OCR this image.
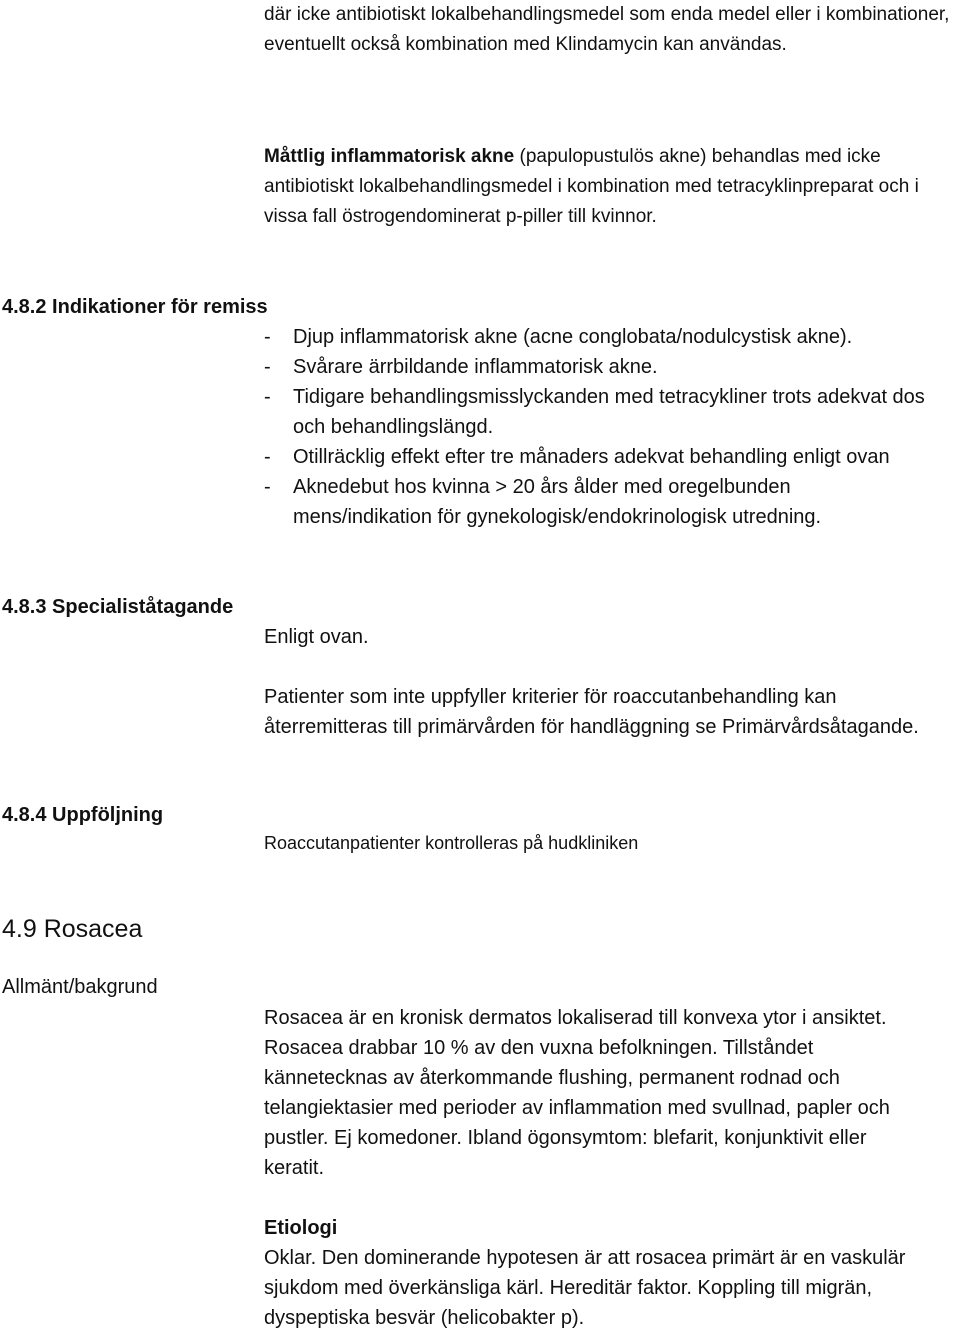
där icke antibiotiskt lokalbehandlingsmedel som enda medel eller i kombinationer, eventuellt också kombination med Klindamycin kan användas.

Måttlig inflammatorisk akne (papulopustulös akne) behandlas med icke antibiotiskt lokalbehandlingsmedel i kombination med tetracyklinpreparat och i vissa fall östrogendominerat p-piller till kvinnor.

4.8.2 Indikationer för remiss
- Djup inflammatorisk akne (acne conglobata/nodulcystisk akne).
- Svårare ärrbildande inflammatorisk akne.
- Tidigare behandlingsmisslyckanden med tetracykliner trots adekvat dos och behandlingslängd.
- Otillräcklig effekt efter tre månaders adekvat behandling enligt ovan
- Aknedebut hos kvinna > 20 års ålder med oregelbunden mens/indikation för gynekologisk/endokrinologisk utredning.
4.8.3 Specialiståtagande

Enligt ovan.

Patienter som inte uppfyller kriterier för roaccutanbehandling kan återremitteras till primärvården för handläggning se Primärvårdsåtagande.

4.8.4 Uppföljning

Roaccutanpatienter kontrolleras på hudkliniken

4.9 Rosacea
Allmänt/bakgrund

Rosacea är en kronisk dermatos lokaliserad till konvexa ytor i ansiktet. Rosacea drabbar 10 % av den vuxna befolkningen. Tillståndet kännetecknas av återkommande flushing, permanent rodnad och telangiektasier med perioder av inflammation med svullnad, papler och pustler. Ej komedoner. Ibland ögonsymtom: blefarit, konjunktivit eller keratit.

Etiologi

Oklar. Den dominerande hypotesen är att rosacea primärt är en vaskulär sjukdom med överkänsliga kärl. Hereditär faktor. Koppling till migrän, dyspeptiska besvär (helicobakter p).
